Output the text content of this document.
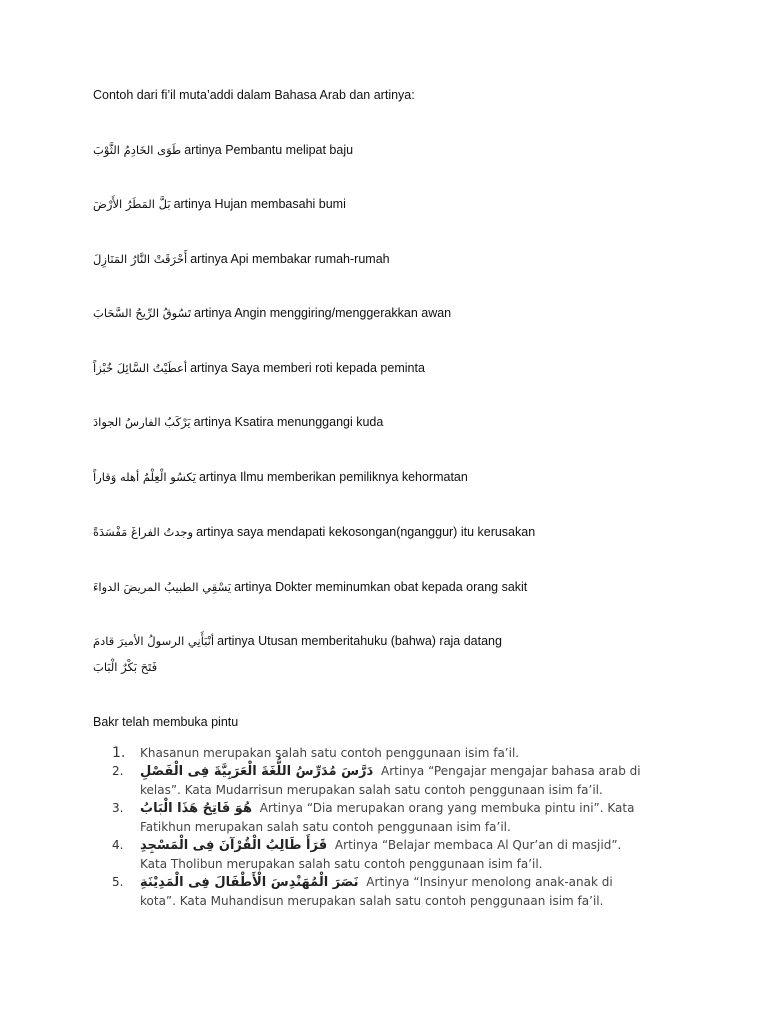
Contoh dari fi’il muta’addi dalam Bahasa Arab dan artinya:
طَوَى الخَادِمُ الثَّوْبَ artinya Pembantu melipat baju
بَلَّ المَطَرُ الأَرْضَ artinya Hujan membasahi bumi
أَحْرَقَتْ النَّارُ المَنَازِلَ artinya Api membakar rumah-rumah
تَسُوقُ الرِّيحُ السَّحَابَ artinya Angin menggiring/menggerakkan awan
أعطَيْتُ السَّائِلَ خُبْزاً artinya Saya memberi roti kepada peminta
يَرْكَبُ الفارسُ الجوادَ artinya Ksatira menunggangi kuda
يَكسُو الْعِلْمُ أهله وَقاراً artinya Ilmu memberikan pemiliknya kehormatan
وجدتُ الفراغَ مَفْسَدَةً artinya saya mendapati kekosongan(nganggur) itu kerusakan
يَسْقِي الطبيبُ المريضَ الدواءَ artinya Dokter meminumkan obat kepada orang sakit
أنْبَأَنِي الرسولُ الأميرَ قادمَ artinya Utusan memberitahuku (bahwa) raja datang
فَتَحَ بَكْرٌ الْبَابَ
Bakr telah membuka pintu
1.	Khasanun merupakan salah satu contoh penggunaan isim fa’il.
2.	دَرَّسَ مُدَرِّسُ اللُّغَةَ الْعَرَبِيَّةَ فِى الْفَصْلِ Artinya “Pengajar mengajar bahasa arab di kelas”. Kata Mudarrisun merupakan salah satu contoh penggunaan isim fa’il.
3.	هُوَ فَاتِحُ هَذَا الْبَابُ Artinya “Dia merupakan orang yang membuka pintu ini”. Kata Fatikhun merupakan salah satu contoh penggunaan isim fa’il.
4.	قَرَأَ طَالِبُ الْقُرْآنَ فِى الْمَسْجِدِ Artinya “Belajar membaca Al Qur’an di masjid”. Kata Tholibun merupakan salah satu contoh penggunaan isim fa’il.
5.	نَصَرَ الْمُهَنْدِسَ الْأَطْفَالَ فِى الْمَدِيْنَةِ Artinya “Insinyur menolong anak-anak di kota”. Kata Muhandisun merupakan salah satu contoh penggunaan isim fa’il.
